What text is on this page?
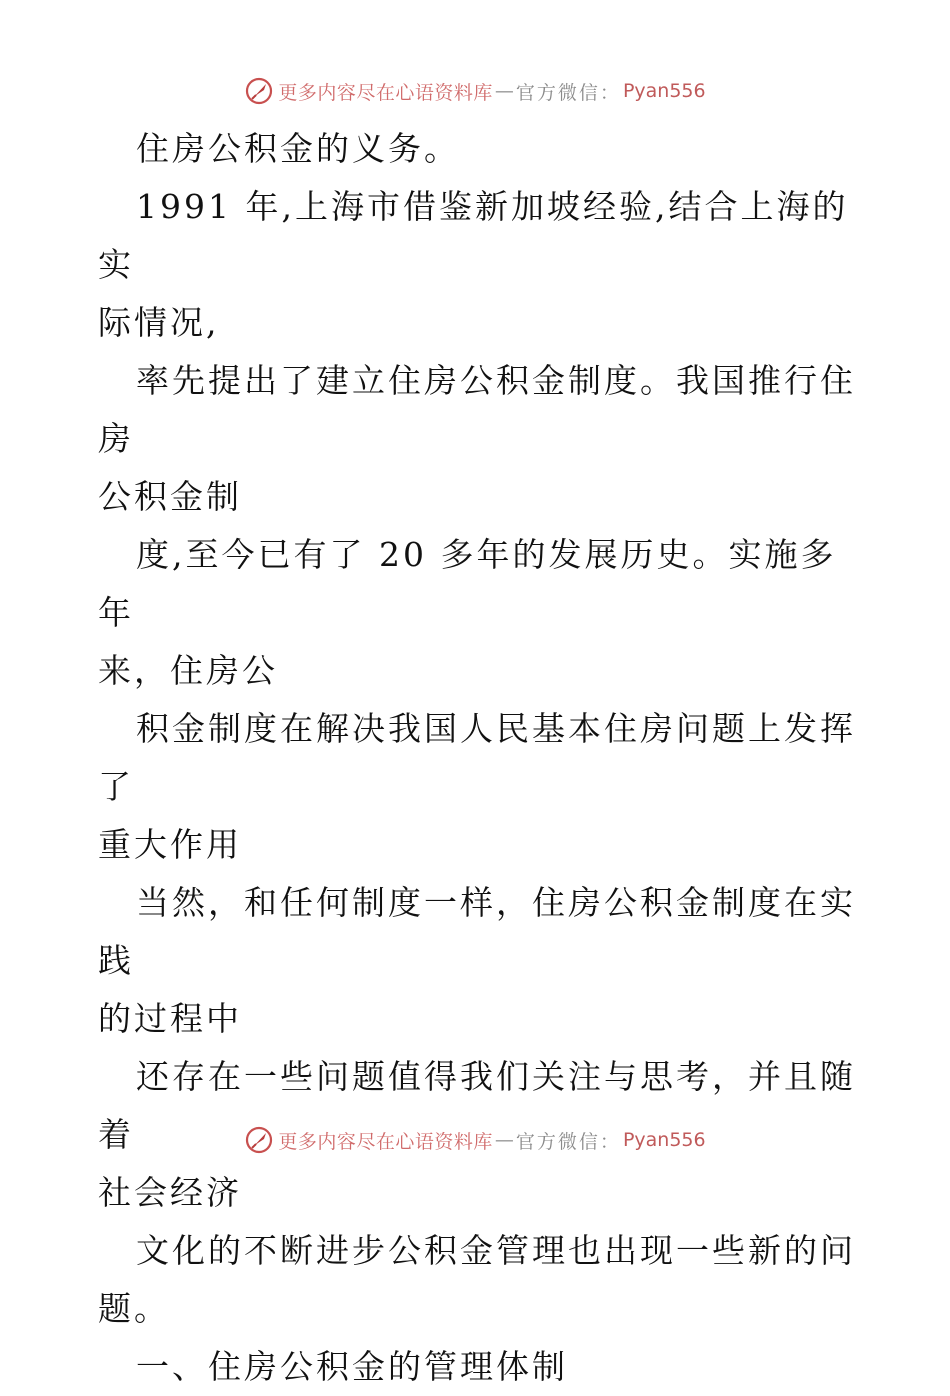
更多内容尽在心语资料库 — 官方微信： Pyan556

住房公积金的义务。

1991 年,上海市借鉴新加坡经验,结合上海的实

际情况,

率先提出了建立住房公积金制度。我国推行住房

公积金制

度,至今已有了 20 多年的发展历史。实施多年

来，住房公

积金制度在解决我国人民基本住房问题上发挥了

重大作用

当然，和任何制度一样，住房公积金制度在实践

的过程中

还存在一些问题值得我们关注与思考，并且随着

社会经济

文化的不断进步公积金管理也出现一些新的问

题。

一、住房公积金的管理体制

更多内容尽在心语资料库 — 官方微信： Pyan556
